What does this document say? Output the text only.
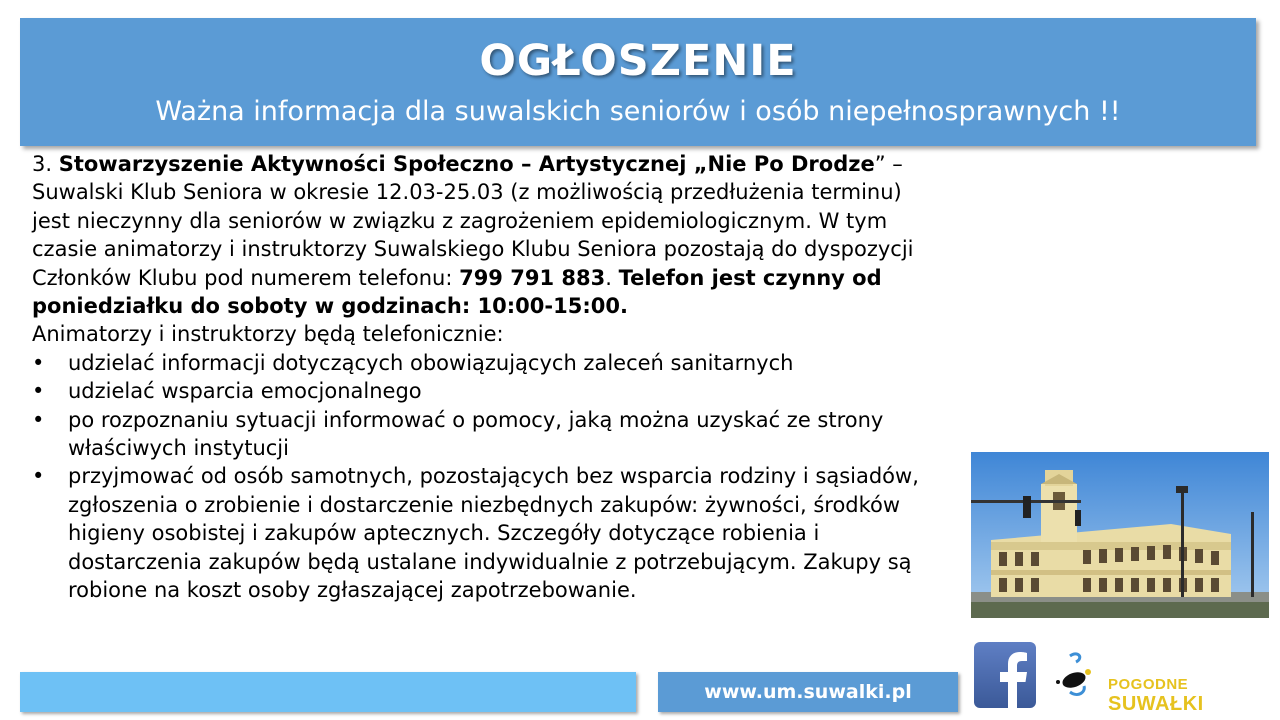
OGŁOSZENIE
Ważna informacja dla suwalskich seniorów i osób niepełnosprawnych !!

3. Stowarzyszenie Aktywności Społeczno – Artystycznej „Nie Po Drodze” – Suwalski Klub Seniora w okresie 12.03-25.03 (z możliwością przedłużenia terminu) jest nieczynny dla seniorów w związku z zagrożeniem epidemiologicznym. W tym czasie animatorzy i instruktorzy Suwalskiego Klubu Seniora pozostają do dyspozycji Członków Klubu pod numerem telefonu: 799 791 883. Telefon jest czynny od poniedziałku do soboty w godzinach: 10:00-15:00.

Animatorzy i instruktorzy będą telefonicznie:

• udzielać informacji dotyczących obowiązujących zaleceń sanitarnych
• udzielać wsparcia emocjonalnego
• po rozpoznaniu sytuacji informować o pomocy, jaką można uzyskać ze strony właściwych instytucji
• przyjmować od osób samotnych, pozostających bez wsparcia rodziny i sąsiadów, zgłoszenia o zrobienie i dostarczenie niezbędnych zakupów: żywności, środków higieny osobistej i zakupów aptecznych. Szczegóły dotyczące robienia i dostarczenia zakupów będą ustalane indywidualnie z potrzebującym. Zakupy są robione na koszt osoby zgłaszającej zapotrzebowanie.
www.um.suwalki.pl	POGODNE SUWAŁKI
